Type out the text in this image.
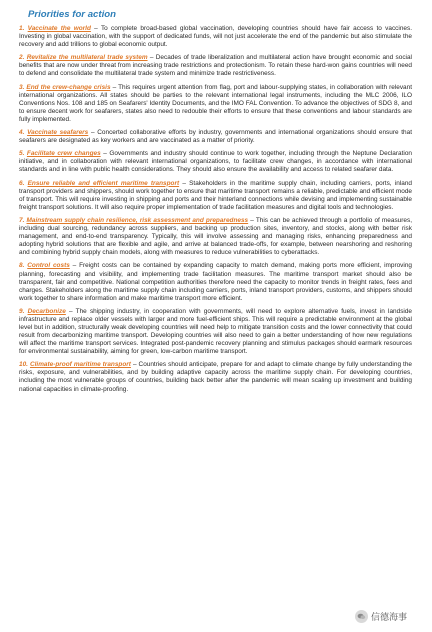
Priorities for action

1. Vaccinate the world – To complete broad-based global vaccination, developing countries should have fair access to vaccines. Investing in global vaccination, with the support of dedicated funds, will not just accelerate the end of the pandemic but also stimulate the recovery and add trillions to global economic output.

2. Revitalize the multilateral trade system – Decades of trade liberalization and multilateral action have brought economic and social benefits that are now under threat from increasing trade restrictions and protectionism. To retain these hard-won gains countries will need to defend and consolidate the multilateral trade system and minimize trade restrictiveness.

3. End the crew-change crisis – This requires urgent attention from flag, port and labour-supplying states, in collaboration with relevant international organizations. All states should be parties to the relevant international legal instruments, including the MLC 2006, ILO Conventions Nos. 108 and 185 on Seafarers' Identity Documents, and the IMO FAL Convention. To advance the objectives of SDG 8, and to ensure decent work for seafarers, states also need to redouble their efforts to ensure that these conventions and labour standards are fully implemented.

4. Vaccinate seafarers – Concerted collaborative efforts by industry, governments and international organizations should ensure that seafarers are designated as key workers and are vaccinated as a matter of priority.

5. Facilitate crew changes – Governments and industry should continue to work together, including through the Neptune Declaration initiative, and in collaboration with relevant international organizations, to facilitate crew changes, in accordance with international standards and in line with public health considerations. They should also ensure the availability and access to related seafarer data.

6. Ensure reliable and efficient maritime transport – Stakeholders in the maritime supply chain, including carriers, ports, inland transport providers and shippers, should work together to ensure that maritime transport remains a reliable, predictable and efficient mode of transport. This will require investing in shipping and ports and their hinterland connections while devising and implementing sustainable freight transport solutions. It will also require proper implementation of trade facilitation measures and digital tools and technologies.

7. Mainstream supply chain resilience, risk assessment and preparedness – This can be achieved through a portfolio of measures, including dual sourcing, redundancy across suppliers, and backing up production sites, inventory, and stocks, along with better risk management, and end-to-end transparency. Typically, this will involve assessing and managing risks, enhancing preparedness and adopting hybrid solutions that are flexible and agile, and arrive at balanced trade-offs, for example, between nearshoring and reshoring and combining hybrid supply chain models, along with measures to reduce vulnerabilities to cyberattacks.

8. Control costs – Freight costs can be contained by expanding capacity to match demand, making ports more efficient, improving planning, forecasting and visibility, and implementing trade facilitation measures. The maritime transport market should also be transparent, fair and competitive. National competition authorities therefore need the capacity to monitor trends in freight rates, fees and charges. Stakeholders along the maritime supply chain including carriers, ports, inland transport providers, customs, and shippers should work together to share information and make maritime transport more efficient.

9. Decarbonize – The shipping industry, in cooperation with governments, will need to explore alternative fuels, invest in landside infrastructure and replace older vessels with larger and more fuel-efficient ships. This will require a predictable environment at the global level but in addition, structurally weak developing countries will need help to mitigate transition costs and the lower connectivity that could result from decarbonizing maritime transport. Developing countries will also need to gain a better understanding of how new regulations will affect the maritime transport services. Integrated post-pandemic recovery planning and stimulus packages should earmark resources for environmental sustainability, aiming for green, low-carbon maritime transport.

10. Climate-proof maritime transport – Countries should anticipate, prepare for and adapt to climate change by fully understanding the risks, exposure, and vulnerabilities, and by building adaptive capacity across the maritime supply chain. For developing countries, including the most vulnerable groups of countries, building back better after the pandemic will mean scaling up investment and building national capacities in climate-proofing.

信德海事
